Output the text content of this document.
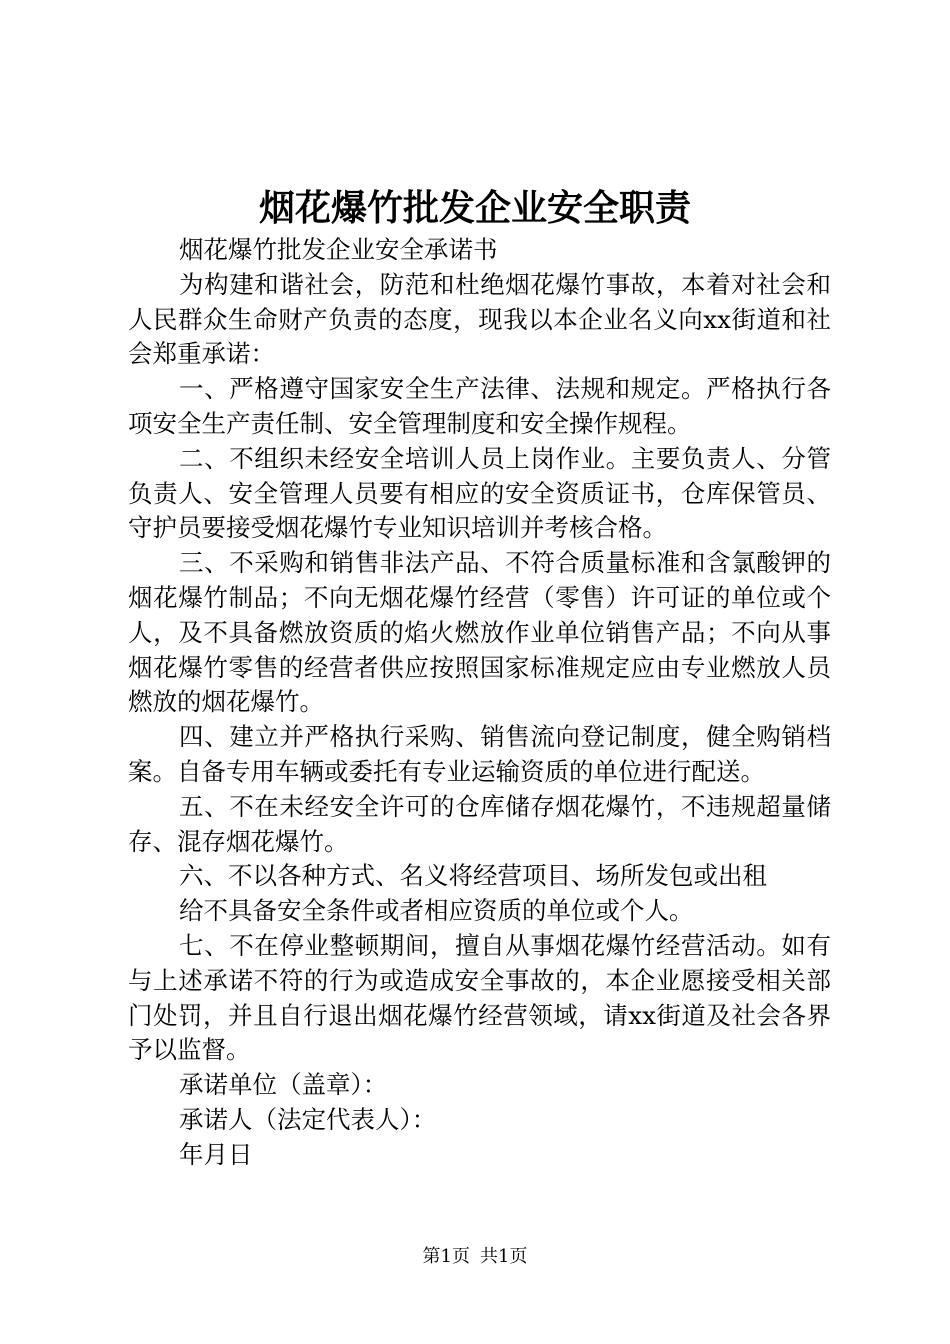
烟花爆竹批发企业安全职责

烟花爆竹批发企业安全承诺书

为构建和谐社会，防范和杜绝烟花爆竹事故，本着对社会和人民群众生命财产负责的态度，现我以本企业名义向xx街道和社会郑重承诺：

一、严格遵守国家安全生产法律、法规和规定。严格执行各项安全生产责任制、安全管理制度和安全操作规程。

二、不组织未经安全培训人员上岗作业。主要负责人、分管负责人、安全管理人员要有相应的安全资质证书，仓库保管员、守护员要接受烟花爆竹专业知识培训并考核合格。

三、不采购和销售非法产品、不符合质量标准和含氯酸钾的烟花爆竹制品；不向无烟花爆竹经营（零售）许可证的单位或个人，及不具备燃放资质的焰火燃放作业单位销售产品；不向从事烟花爆竹零售的经营者供应按照国家标准规定应由专业燃放人员燃放的烟花爆竹。

四、建立并严格执行采购、销售流向登记制度，健全购销档案。自备专用车辆或委托有专业运输资质的单位进行配送。

五、不在未经安全许可的仓库储存烟花爆竹，不违规超量储存、混存烟花爆竹。

六、不以各种方式、名义将经营项目、场所发包或出租

给不具备安全条件或者相应资质的单位或个人。

七、不在停业整顿期间，擅自从事烟花爆竹经营活动。如有与上述承诺不符的行为或造成安全事故的，本企业愿接受相关部门处罚，并且自行退出烟花爆竹经营领域，请xx街道及社会各界予以监督。

承诺单位（盖章）：

承诺人（法定代表人）：

年月日

第1页 共1页
